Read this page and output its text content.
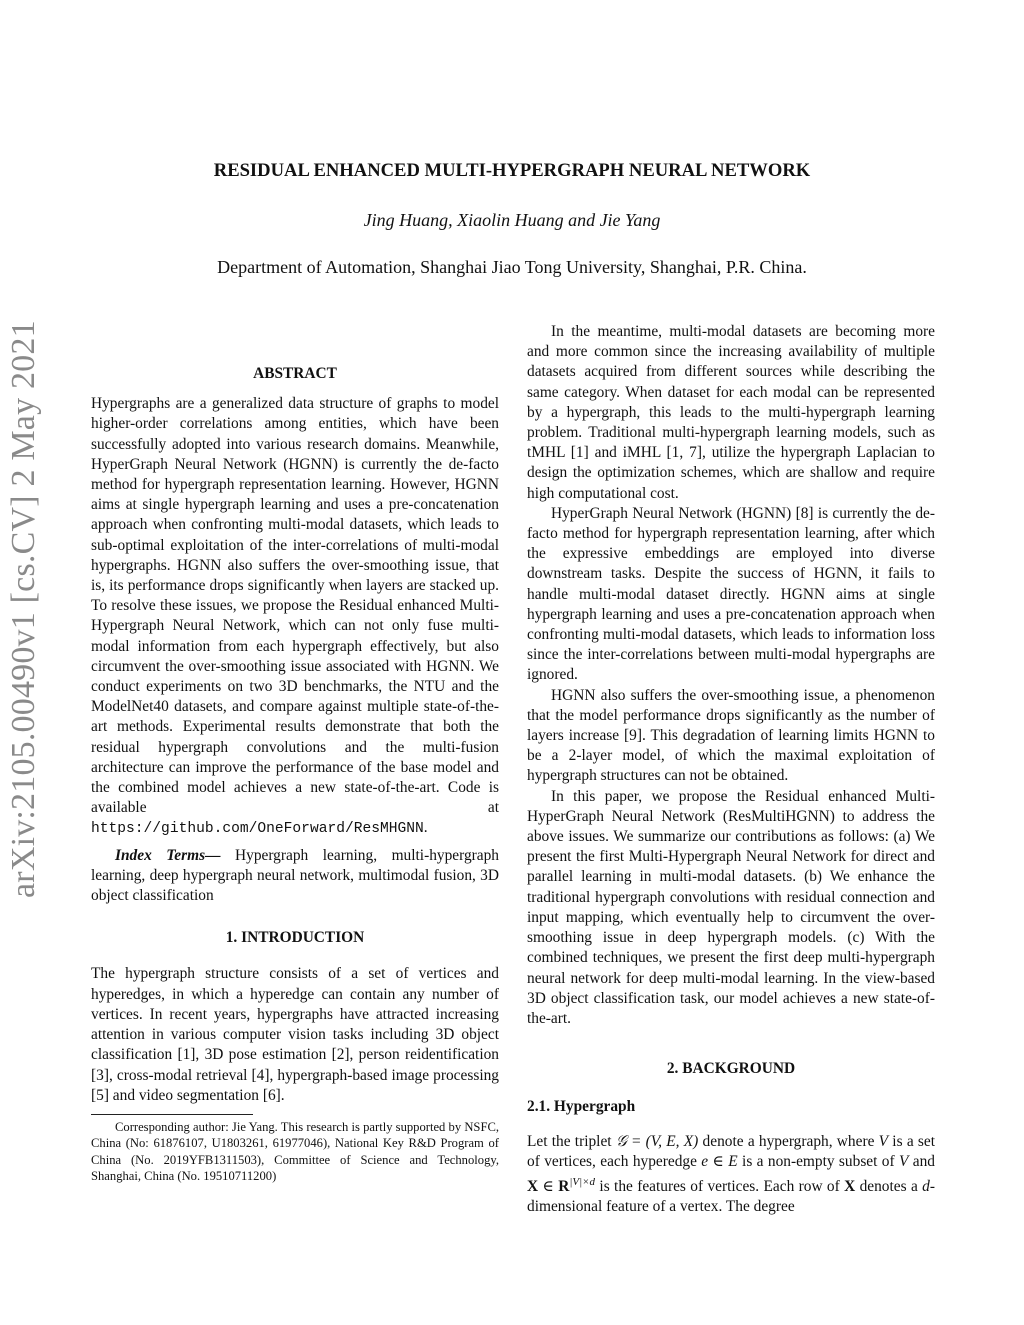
arXiv:2105.00490v1 [cs.CV] 2 May 2021
RESIDUAL ENHANCED MULTI-HYPERGRAPH NEURAL NETWORK
Jing Huang, Xiaolin Huang and Jie Yang
Department of Automation, Shanghai Jiao Tong University, Shanghai, P.R. China.
ABSTRACT

Hypergraphs are a generalized data structure of graphs to model higher-order correlations among entities, which have been successfully adopted into various research domains. Meanwhile, HyperGraph Neural Network (HGNN) is currently the de-facto method for hypergraph representation learning. However, HGNN aims at single hypergraph learning and uses a pre-concatenation approach when confronting multi-modal datasets, which leads to sub-optimal exploitation of the inter-correlations of multi-modal hypergraphs. HGNN also suffers the over-smoothing issue, that is, its performance drops significantly when layers are stacked up. To resolve these issues, we propose the Residual enhanced Multi-Hypergraph Neural Network, which can not only fuse multi-modal information from each hypergraph effectively, but also circumvent the over-smoothing issue associated with HGNN. We conduct experiments on two 3D benchmarks, the NTU and the ModelNet40 datasets, and compare against multiple state-of-the-art methods. Experimental results demonstrate that both the residual hypergraph convolutions and the multi-fusion architecture can improve the performance of the base model and the combined model achieves a new state-of-the-art. Code is available at https://github.com/OneForward/ResMHGNN.

Index Terms— Hypergraph learning, multi-hypergraph learning, deep hypergraph neural network, multimodal fusion, 3D object classification

1. INTRODUCTION

The hypergraph structure consists of a set of vertices and hyperedges, in which a hyperedge can contain any number of vertices. In recent years, hypergraphs have attracted increasing attention in various computer vision tasks including 3D object classification [1], 3D pose estimation [2], person reidentification [3], cross-modal retrieval [4], hypergraph-based image processing [5] and video segmentation [6].

Corresponding author: Jie Yang. This research is partly supported by NSFC, China (No: 61876107, U1803261, 61977046), National Key R&D Program of China (No. 2019YFB1311503), Committee of Science and Technology, Shanghai, China (No. 19510711200)

In the meantime, multi-modal datasets are becoming more and more common since the increasing availability of multiple datasets acquired from different sources while describing the same category. When dataset for each modal can be represented by a hypergraph, this leads to the multi-hypergraph learning problem. Traditional multi-hypergraph learning models, such as tMHL [1] and iMHL [1, 7], utilize the hypergraph Laplacian to design the optimization schemes, which are shallow and require high computational cost.

HyperGraph Neural Network (HGNN) [8] is currently the de-facto method for hypergraph representation learning, after which the expressive embeddings are employed into diverse downstream tasks. Despite the success of HGNN, it fails to handle multi-modal dataset directly. HGNN aims at single hypergraph learning and uses a pre-concatenation approach when confronting multi-modal datasets, which leads to information loss since the inter-correlations between multi-modal hypergraphs are ignored.

HGNN also suffers the over-smoothing issue, a phenomenon that the model performance drops significantly as the number of layers increase [9]. This degradation of learning limits HGNN to be a 2-layer model, of which the maximal exploitation of hypergraph structures can not be obtained.

In this paper, we propose the Residual enhanced Multi-HyperGraph Neural Network (ResMultiHGNN) to address the above issues. We summarize our contributions as follows: (a) We present the first Multi-Hypergraph Neural Network for direct and parallel learning in multi-modal datasets. (b) We enhance the traditional hypergraph convolutions with residual connection and input mapping, which eventually help to circumvent the over-smoothing issue in deep hypergraph models. (c) With the combined techniques, we present the first deep multi-hypergraph neural network for deep multi-modal learning. In the view-based 3D object classification task, our model achieves a new state-of-the-art.

2. BACKGROUND
2.1. Hypergraph

Let the triplet 𝒢 = (V, E, X) denote a hypergraph, where V is a set of vertices, each hyperedge e ∈ E is a non-empty subset of V and X ∈ $R^{|V|\times d}$ is the features of vertices. Each row of X denotes a d-dimensional feature of a vertex. The degree
